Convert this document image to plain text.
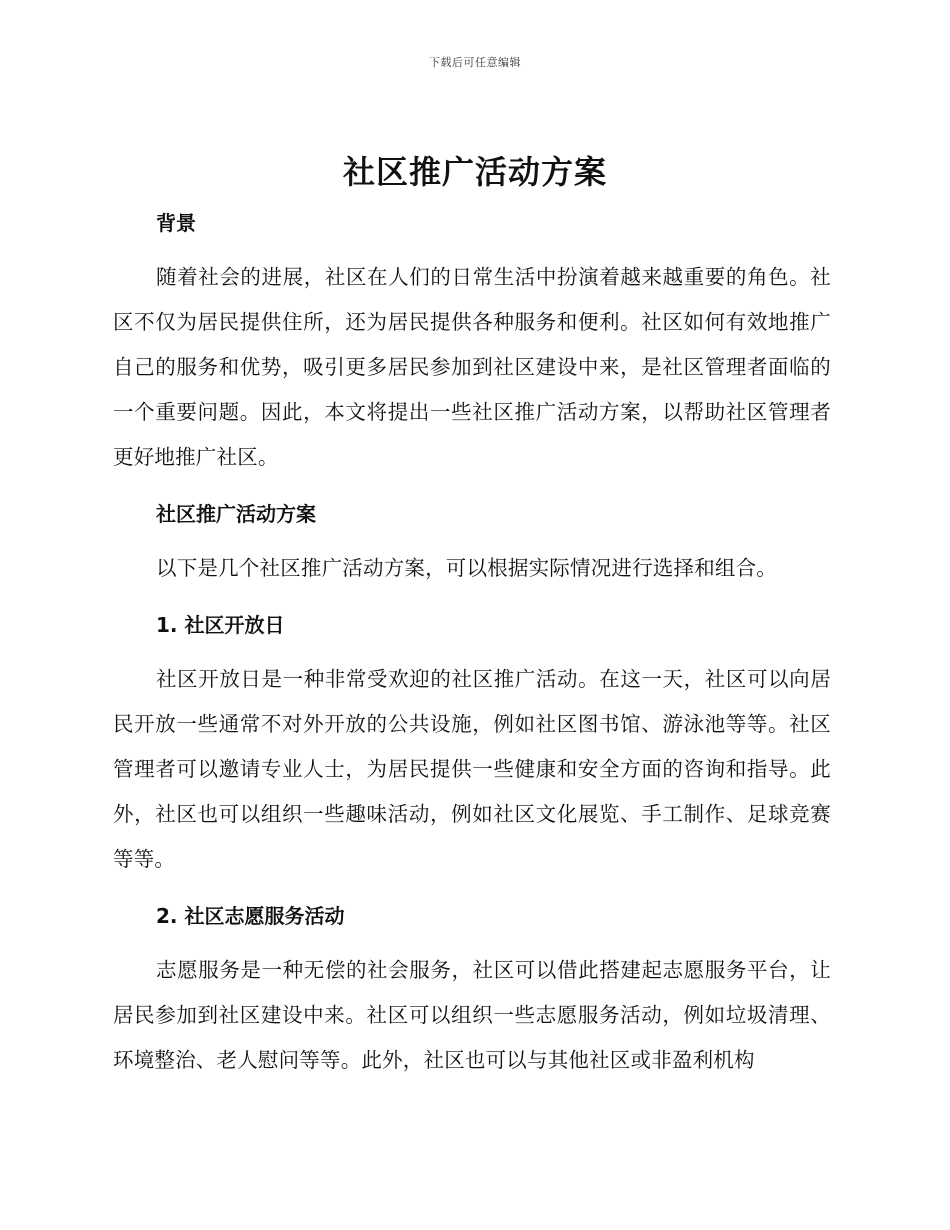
下载后可任意编辑
社区推广活动方案
背景

随着社会的进展，社区在人们的日常生活中扮演着越来越重要的角色。社区不仅为居民提供住所，还为居民提供各种服务和便利。社区如何有效地推广自己的服务和优势，吸引更多居民参加到社区建设中来，是社区管理者面临的一个重要问题。因此，本文将提出一些社区推广活动方案，以帮助社区管理者更好地推广社区。

社区推广活动方案

以下是几个社区推广活动方案，可以根据实际情况进行选择和组合。

1. 社区开放日

社区开放日是一种非常受欢迎的社区推广活动。在这一天，社区可以向居民开放一些通常不对外开放的公共设施，例如社区图书馆、游泳池等等。社区管理者可以邀请专业人士，为居民提供一些健康和安全方面的咨询和指导。此外，社区也可以组织一些趣味活动，例如社区文化展览、手工制作、足球竞赛等等。

2. 社区志愿服务活动

志愿服务是一种无偿的社会服务，社区可以借此搭建起志愿服务平台，让居民参加到社区建设中来。社区可以组织一些志愿服务活动，例如垃圾清理、环境整治、老人慰问等等。此外，社区也可以与其他社区或非盈利机构
